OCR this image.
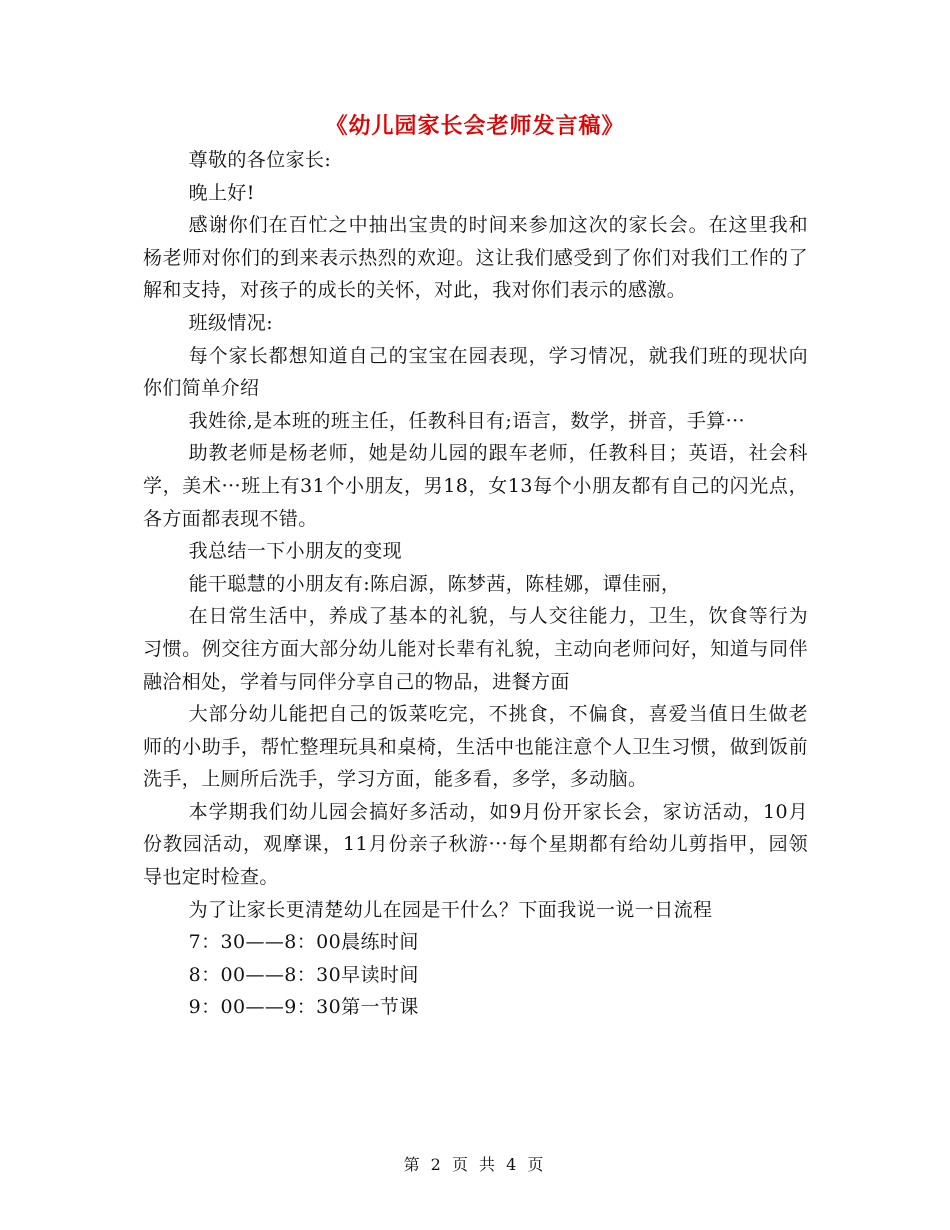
《幼儿园家长会老师发言稿》

尊敬的各位家长:

晚上好!

感谢你们在百忙之中抽出宝贵的时间来参加这次的家长会。在这里我和杨老师对你们的到来表示热烈的欢迎。这让我们感受到了你们对我们工作的了解和支持，对孩子的成长的关怀，对此，我对你们表示的感激。

班级情况:

每个家长都想知道自己的宝宝在园表现，学习情况，就我们班的现状向你们简单介绍

我姓徐,是本班的班主任，任教科目有;语言，数学，拼音，手算···

助教老师是杨老师，她是幼儿园的跟车老师，任教科目；英语，社会科学，美术···班上有31个小朋友，男18，女13每个小朋友都有自己的闪光点，各方面都表现不错。

我总结一下小朋友的变现

能干聪慧的小朋友有:陈启源，陈梦茜，陈桂娜，谭佳丽，

在日常生活中，养成了基本的礼貌，与人交往能力，卫生，饮食等行为习惯。例交往方面大部分幼儿能对长辈有礼貌，主动向老师问好，知道与同伴融洽相处，学着与同伴分享自己的物品，进餐方面

大部分幼儿能把自己的饭菜吃完，不挑食，不偏食，喜爱当值日生做老师的小助手，帮忙整理玩具和桌椅，生活中也能注意个人卫生习惯，做到饭前洗手，上厕所后洗手，学习方面，能多看，多学，多动脑。

本学期我们幼儿园会搞好多活动，如9月份开家长会，家访活动，10月份教园活动，观摩课，11月份亲子秋游···每个星期都有给幼儿剪指甲，园领导也定时检查。

为了让家长更清楚幼儿在园是干什么？下面我说一说一日流程

7：30——8：00晨练时间

8：00——8：30早读时间

9：00——9：30第一节课

第 2 页 共 4 页
